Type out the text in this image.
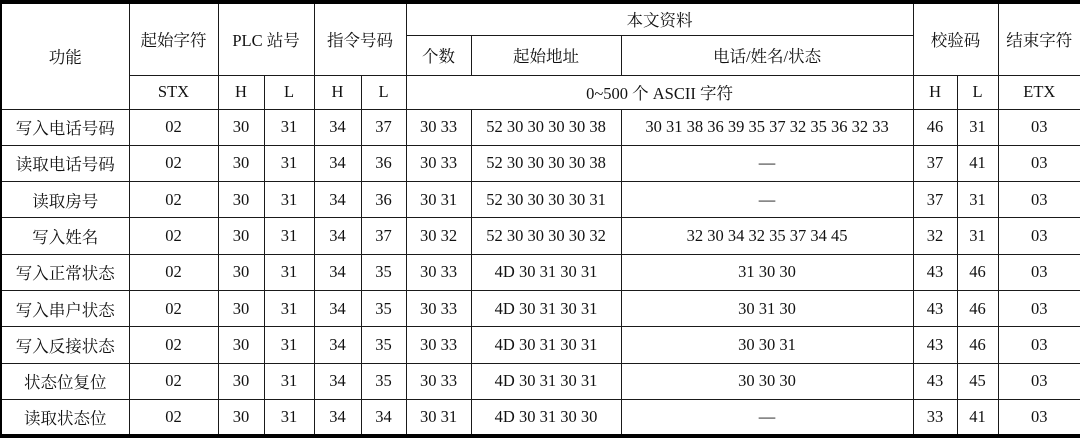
功能	起始字符	PLC 站号		指令号码		本文资料			校验码		结束字符
						个数	起始地址	电话/姓名/状态			
	STX	H	L	H	L	0~500 个 ASCII 字符			H	L	ETX
写入电话号码	02	30	31	34	37	30 33	52 30 30 30 30 38	30 31 38 36 39 35 37 32 35 36 32 33	46	31	03
读取电话号码	02	30	31	34	36	30 33	52 30 30 30 30 38	—	37	41	03
读取房号	02	30	31	34	36	30 31	52 30 30 30 30 31	—	37	31	03
写入姓名	02	30	31	34	37	30 32	52 30 30 30 30 32	32 30 34 32 35 37 34 45	32	31	03
写入正常状态	02	30	31	34	35	30 33	4D 30 31 30 31	31 30 30	43	46	03
写入串户状态	02	30	31	34	35	30 33	4D 30 31 30 31	30 31 30	43	46	03
写入反接状态	02	30	31	34	35	30 33	4D 30 31 30 31	30 30 31	43	46	03
状态位复位	02	30	31	34	35	30 33	4D 30 31 30 31	30 30 30	43	45	03
读取状态位	02	30	31	34	34	30 31	4D 30 31 30 30	—	33	41	03
